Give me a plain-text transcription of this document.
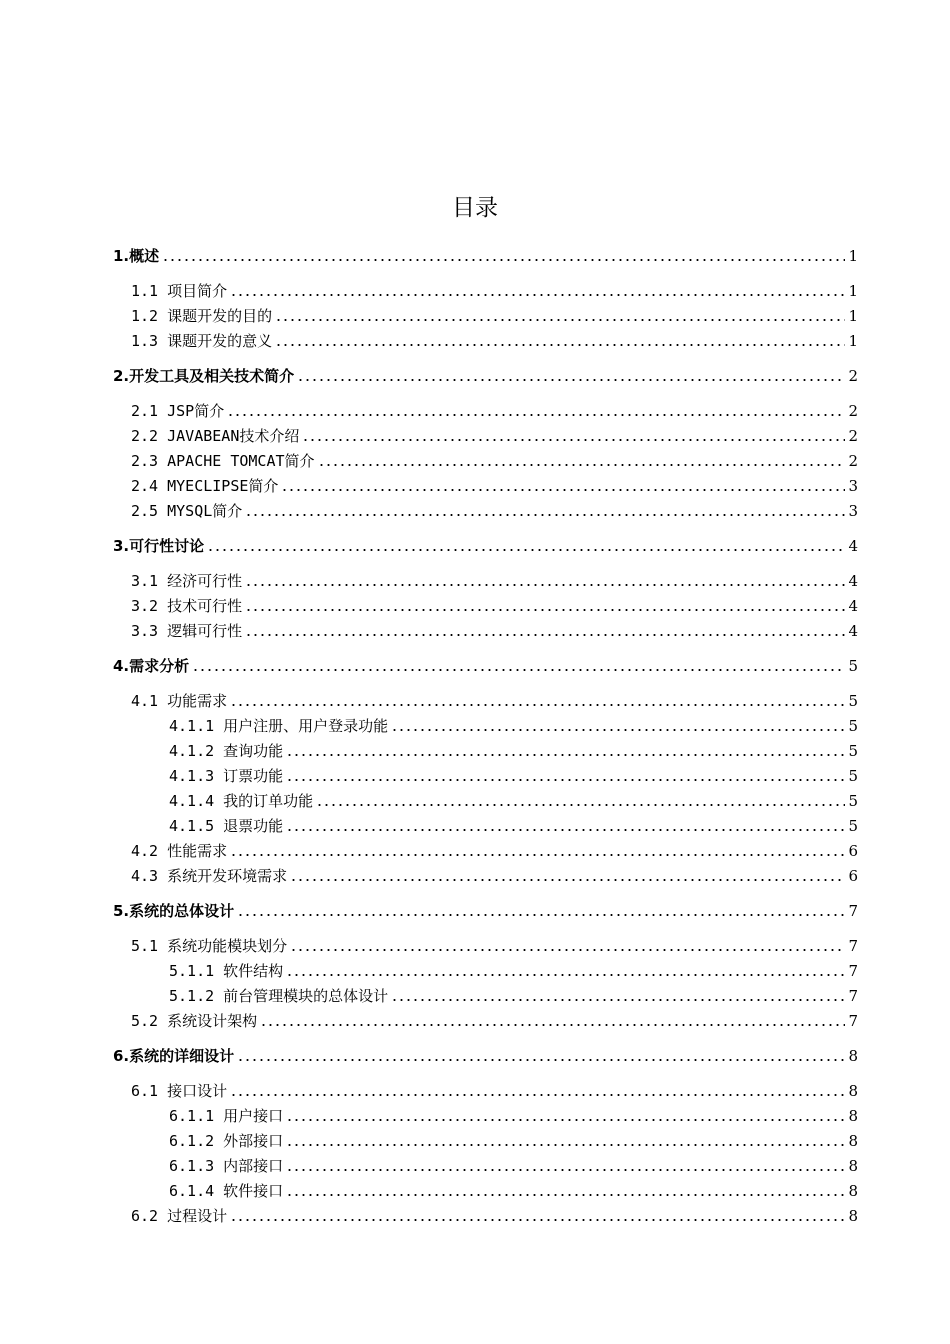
目录
1.概述	1
1.1 项目简介	1
1.2 课题开发的目的	1
1.3 课题开发的意义	1
2.开发工具及相关技术简介	2
2.1 JSP简介	2
2.2 JAVABEAN技术介绍	2
2.3 APACHE TOMCAT简介	2
2.4 MYECLIPSE简介	3
2.5 MYSQL简介	3
3.可行性讨论	4
3.1 经济可行性	4
3.2 技术可行性	4
3.3 逻辑可行性	4
4.需求分析	5
4.1 功能需求	5
4.1.1 用户注册、用户登录功能	5
4.1.2 查询功能	5
4.1.3 订票功能	5
4.1.4 我的订单功能	5
4.1.5 退票功能	5
4.2 性能需求	6
4.3 系统开发环境需求	6
5.系统的总体设计	7
5.1 系统功能模块划分	7
5.1.1 软件结构	7
5.1.2 前台管理模块的总体设计	7
5.2 系统设计架构	7
6.系统的详细设计	8
6.1 接口设计	8
6.1.1 用户接口	8
6.1.2 外部接口	8
6.1.3 内部接口	8
6.1.4 软件接口	8
6.2 过程设计	8
